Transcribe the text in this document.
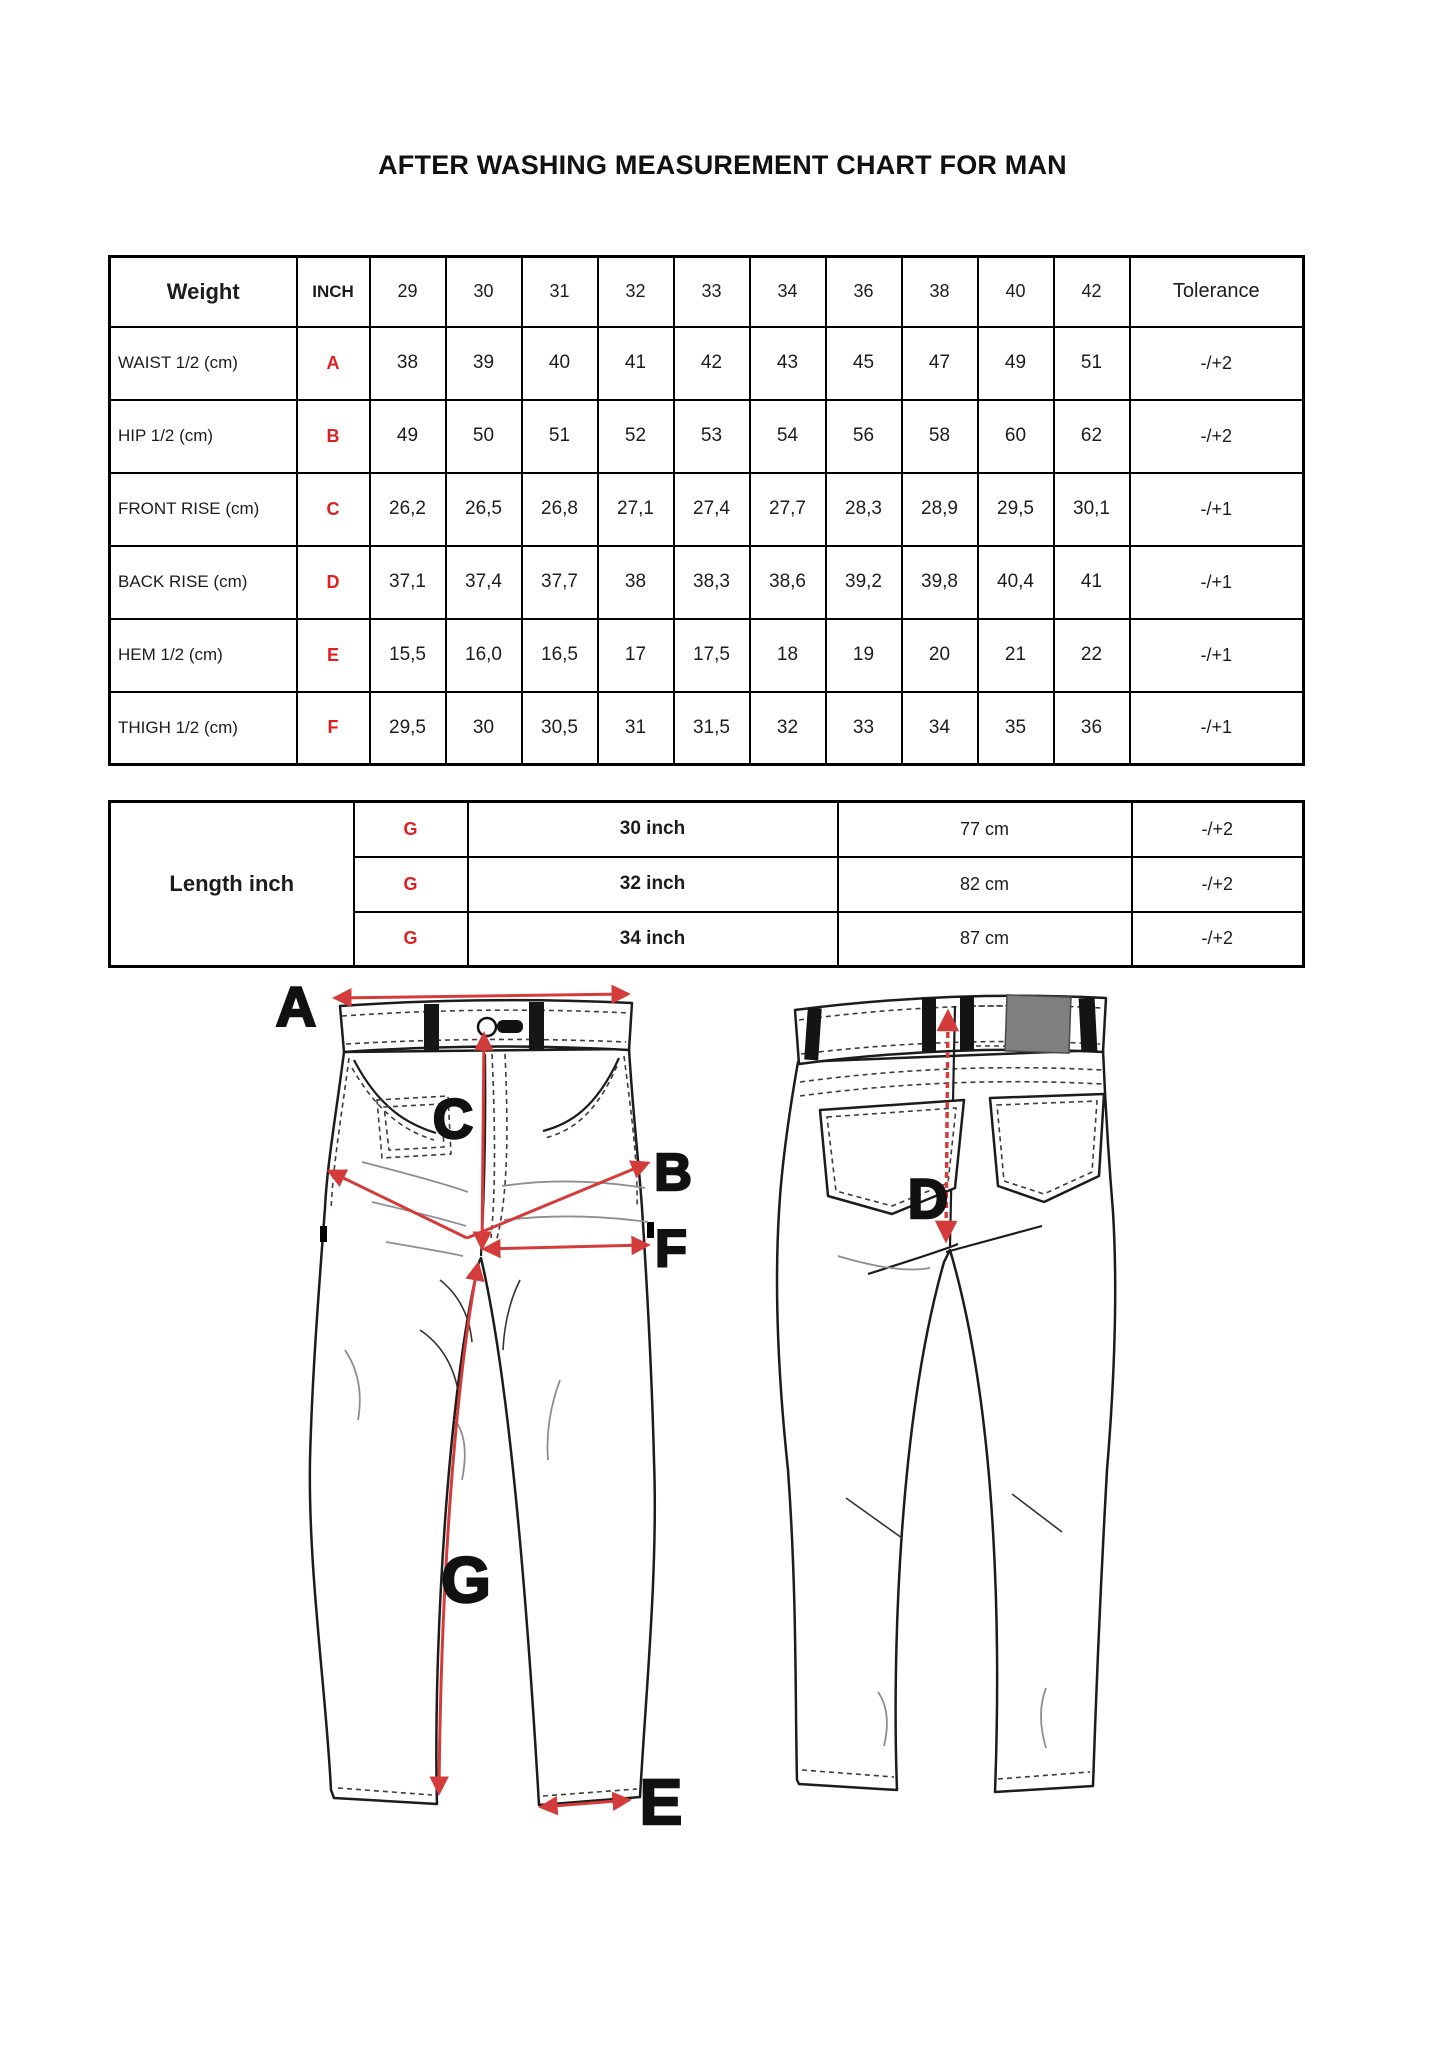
AFTER WASHING MEASUREMENT CHART FOR MAN
Weight	INCH	29	30	31	32	33	34	36	38	40	42	Tolerance
WAIST 1/2 (cm)	A	38	39	40	41	42	43	45	47	49	51	-/+2
HIP 1/2 (cm)	B	49	50	51	52	53	54	56	58	60	62	-/+2
FRONT RISE (cm)	C	26,2	26,5	26,8	27,1	27,4	27,7	28,3	28,9	29,5	30,1	-/+1
BACK RISE (cm)	D	37,1	37,4	37,7	38	38,3	38,6	39,2	39,8	40,4	41	-/+1
HEM 1/2 (cm)	E	15,5	16,0	16,5	17	17,5	18	19	20	21	22	-/+1
THIGH 1/2 (cm)	F	29,5	30	30,5	31	31,5	32	33	34	35	36	-/+1
Length inch	G	30 inch	77 cm	-/+2
	G	32 inch	82 cm	-/+2
	G	34 inch	87 cm	-/+2
A
C
B
F
G
E
D
